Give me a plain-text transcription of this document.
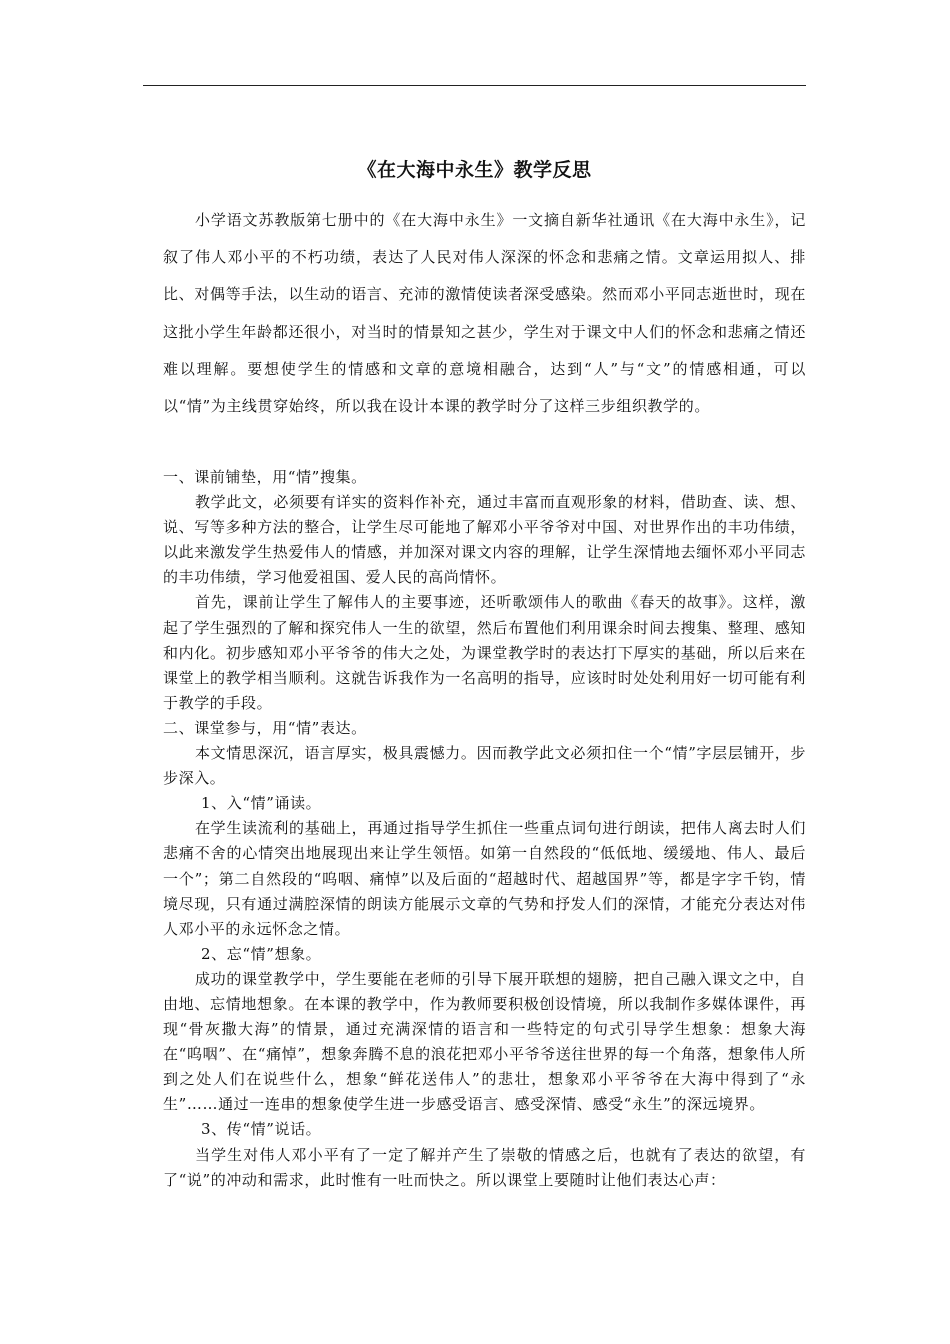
《在大海中永生》教学反思

小学语文苏教版第七册中的《在大海中永生》一文摘自新华社通讯《在大海中永生》，记叙了伟人邓小平的不朽功绩，表达了人民对伟人深深的怀念和悲痛之情。文章运用拟人、排比、对偶等手法，以生动的语言、充沛的激情使读者深受感染。然而邓小平同志逝世时，现在这批小学生年龄都还很小，对当时的情景知之甚少，学生对于课文中人们的怀念和悲痛之情还难以理解。要想使学生的情感和文章的意境相融合，达到“人”与“文”的情感相通，可以以“情”为主线贯穿始终，所以我在设计本课的教学时分了这样三步组织教学的。

一、课前铺垫，用“情”搜集。

教学此文，必须要有详实的资料作补充，通过丰富而直观形象的材料，借助查、读、想、说、写等多种方法的整合，让学生尽可能地了解邓小平爷爷对中国、对世界作出的丰功伟绩，以此来激发学生热爱伟人的情感，并加深对课文内容的理解，让学生深情地去缅怀邓小平同志的丰功伟绩，学习他爱祖国、爱人民的高尚情怀。

首先，课前让学生了解伟人的主要事迹，还听歌颂伟人的歌曲《春天的故事》。这样，激起了学生强烈的了解和探究伟人一生的欲望，然后布置他们利用课余时间去搜集、整理、感知和内化。初步感知邓小平爷爷的伟大之处，为课堂教学时的表达打下厚实的基础，所以后来在课堂上的教学相当顺利。这就告诉我作为一名高明的指导，应该时时处处利用好一切可能有利于教学的手段。

二、课堂参与，用“情”表达。

本文情思深沉，语言厚实，极具震憾力。因而教学此文必须扣住一个“情”字层层铺开，步步深入。

1、入“情”诵读。

在学生读流利的基础上，再通过指导学生抓住一些重点词句进行朗读，把伟人离去时人们悲痛不舍的心情突出地展现出来让学生领悟。如第一自然段的“低低地、缓缓地、伟人、最后一个”；第二自然段的“呜咽、痛悼”以及后面的“超越时代、超越国界”等，都是字字千钧，情境尽现，只有通过满腔深情的朗读方能展示文章的气势和抒发人们的深情，才能充分表达对伟人邓小平的永远怀念之情。

2、忘“情”想象。

成功的课堂教学中，学生要能在老师的引导下展开联想的翅膀，把自己融入课文之中，自由地、忘情地想象。在本课的教学中，作为教师要积极创设情境，所以我制作多媒体课件，再现“骨灰撒大海”的情景，通过充满深情的语言和一些特定的句式引导学生想象：想象大海在“呜咽”、在“痛悼”，想象奔腾不息的浪花把邓小平爷爷送往世界的每一个角落，想象伟人所到之处人们在说些什么，想象“鲜花送伟人”的悲壮，想象邓小平爷爷在大海中得到了“永生”……通过一连串的想象使学生进一步感受语言、感受深情、感受“永生”的深远境界。

3、传“情”说话。

当学生对伟人邓小平有了一定了解并产生了崇敬的情感之后，也就有了表达的欲望，有了“说”的冲动和需求，此时惟有一吐而快之。所以课堂上要随时让他们表达心声：
